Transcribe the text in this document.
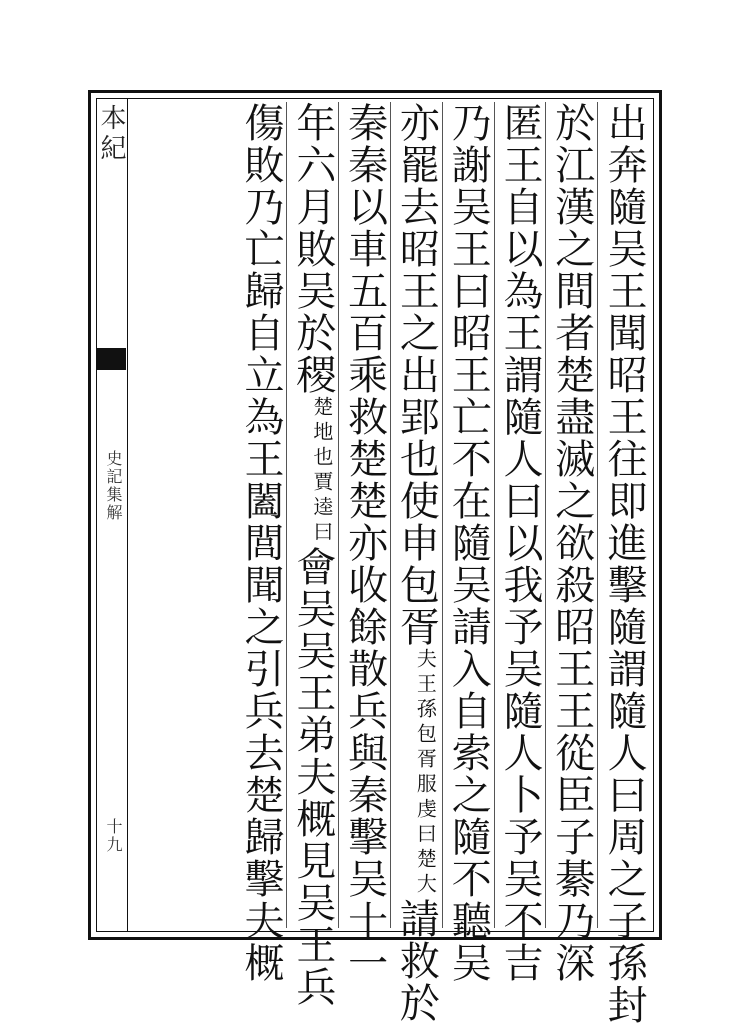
本紀
史記集解
十九	出奔隨吴王聞昭王往即進擊隨謂隨人曰周之子孫封
於江漢之間者楚盡滅之欲殺昭王王從臣子綦乃深
匿王自以為王謂隨人曰以我予吴隨人卜予吴不吉
乃謝吴王曰昭王亡不在隨吴請入自索之隨不聽吴
亦罷去昭王之出郢也使申包胥
服虔曰楚大
夫王孫包胥
請救於
秦秦以車五百乘救楚楚亦收餘散兵與秦擊吴十一
年六月敗吴於稷
賈逵曰
楚地也
會吴吴王弟夫概見吴王兵
傷敗乃亡歸自立為王闔閭聞之引兵去楚歸擊夫概
